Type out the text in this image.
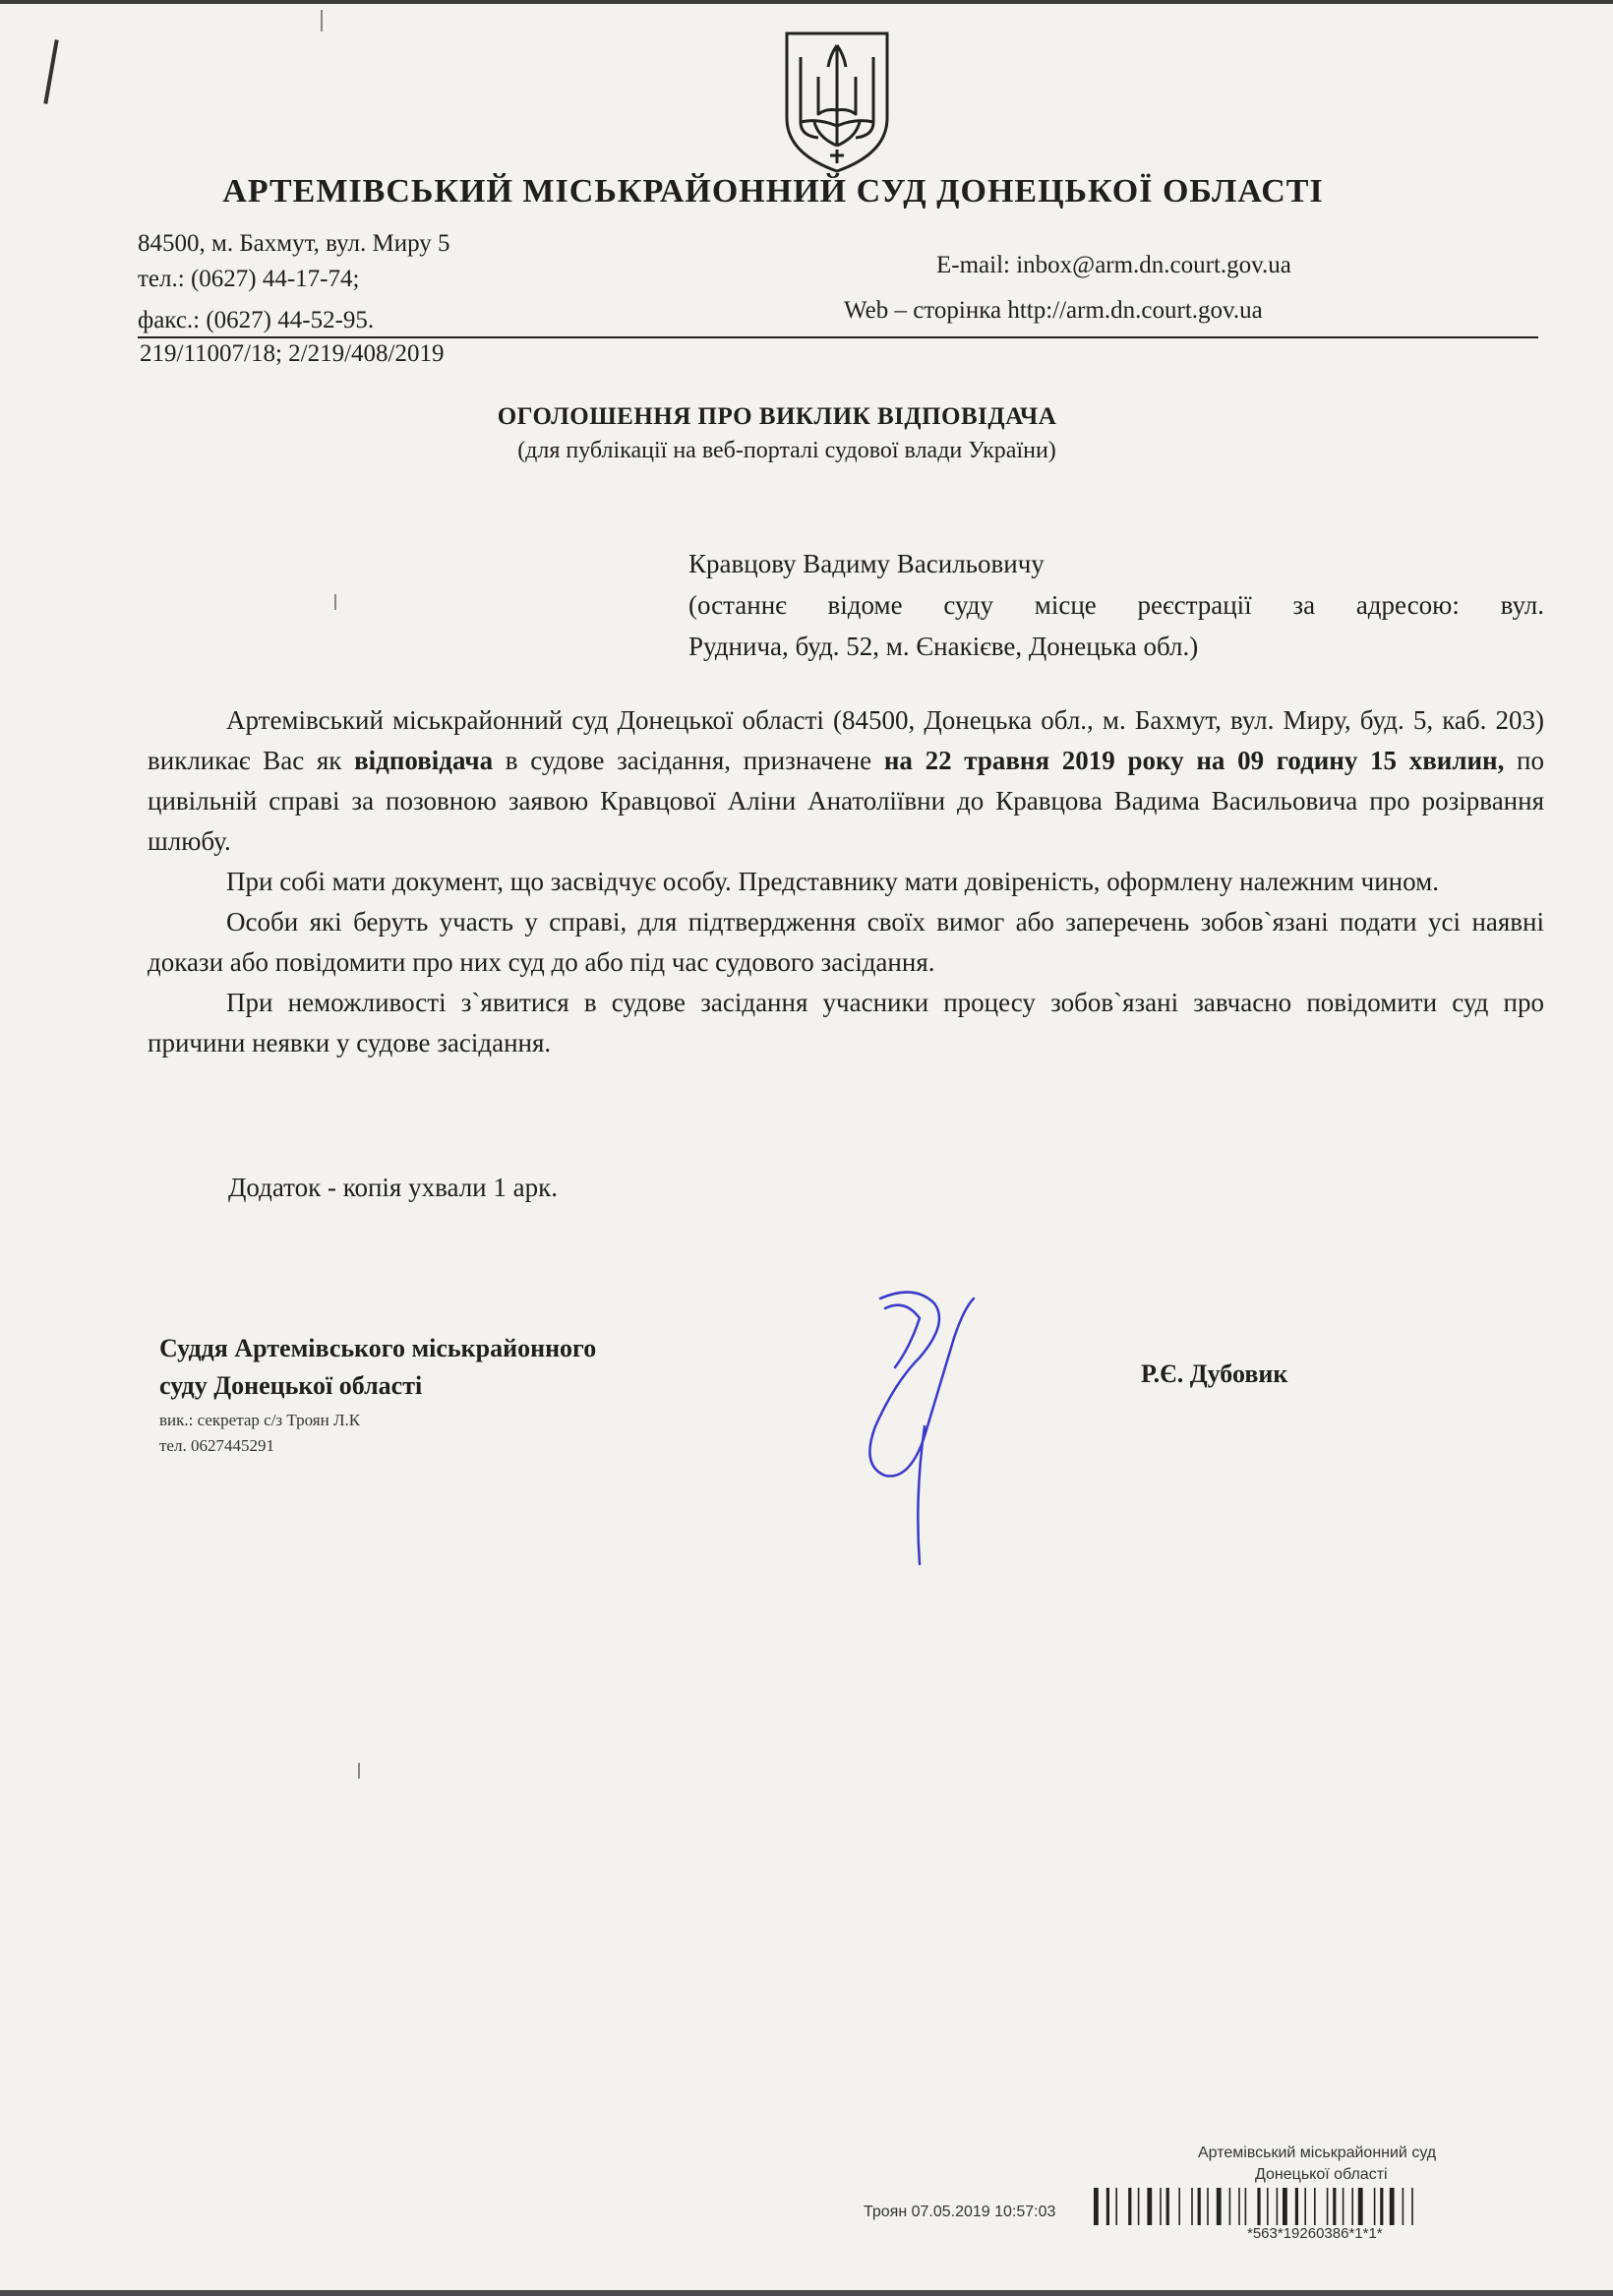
АРТЕМІВСЬКИЙ МІСЬКРАЙОННИЙ СУД ДОНЕЦЬКОЇ ОБЛАСТІ
84500, м. Бахмут, вул. Миру 5
тел.: (0627) 44-17-74;
факс.: (0627) 44-52-95.
E-mail: inbox@arm.dn.court.gov.ua
Web – сторінка http://arm.dn.court.gov.ua
219/11007/18; 2/219/408/2019
ОГОЛОШЕННЯ ПРО ВИКЛИК ВІДПОВІДАЧА
(для публікації на веб-порталі судової влади України)

Кравцову Вадиму Васильовичу

(останнє відоме суду місце реєстрації за адресою: вул.

Руднича, буд. 52, м. Єнакієве, Донецька обл.)

Артемівський міськрайонний суд Донецької області (84500, Донецька обл., м. Бахмут, вул. Миру, буд. 5, каб. 203) викликає Вас як відповідача в судове засідання, призначене на 22 травня 2019 року на 09 годину 15 хвилин, по цивільній справі за позовною заявою Кравцової Аліни Анатоліївни до Кравцова Вадима Васильовича про розірвання шлюбу.

При собі мати документ, що засвідчує особу. Представнику мати довіреність, оформлену належним чином.

Особи які беруть участь у справі, для підтвердження своїх вимог або заперечень зобов`язані подати усі наявні докази або повідомити про них суд до або під час судового засідання.

При неможливості з`явитися в судове засідання учасники процесу зобов`язані завчасно повідомити суд про причини неявки у судове засідання.

Додаток - копія ухвали 1 арк.
Суддя Артемівського міськрайонного
суду Донецької області
вик.: секретар с/з Троян Л.К
тел. 0627445291
Р.Є. Дубовик
Артемівський міськрайонний суд
Донецької області
Троян 07.05.2019 10:57:03
*563*19260386*1*1*
